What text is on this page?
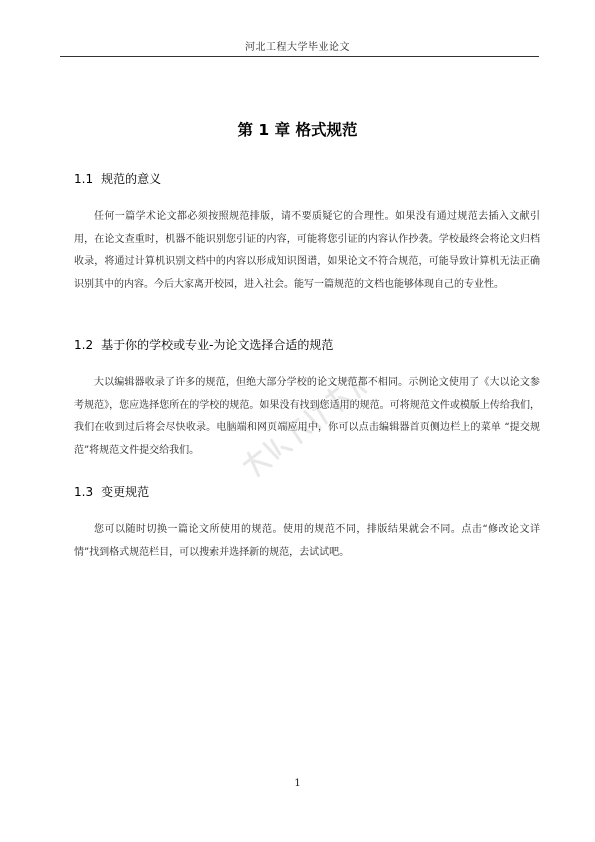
河北工程大学毕业论文
第 1 章 格式规范
1.1 规范的意义

任何一篇学术论文都必须按照规范排版，请不要质疑它的合理性。如果没有通过规范去插入文献引用，在论文查重时，机器不能识别您引证的内容，可能将您引证的内容认作抄袭。学校最终会将论文归档收录，将通过计算机识别文档中的内容以形成知识图谱，如果论文不符合规范，可能导致计算机无法正确识别其中的内容。今后大家离开校园，进入社会。能写一篇规范的文档也能够体现自己的专业性。

1.2 基于你的学校或专业-为论文选择合适的规范

大以编辑器收录了许多的规范，但绝大部分学校的论文规范都不相同。示例论文使用了《大以论文参考规范》，您应选择您所在的学校的规范。如果没有找到您适用的规范。可将规范文件或模版上传给我们，我们在收到过后将会尽快收录。电脑端和网页端应用中，你可以点击编辑器首页侧边栏上的菜单 “提交规范”将规范文件提交给我们。

1.3 变更规范

您可以随时切换一篇论文所使用的规范。使用的规范不同，排版结果就会不同。点击“修改论文详情”找到格式规范栏目，可以搜索并选择新的规范，去试试吧。

1
